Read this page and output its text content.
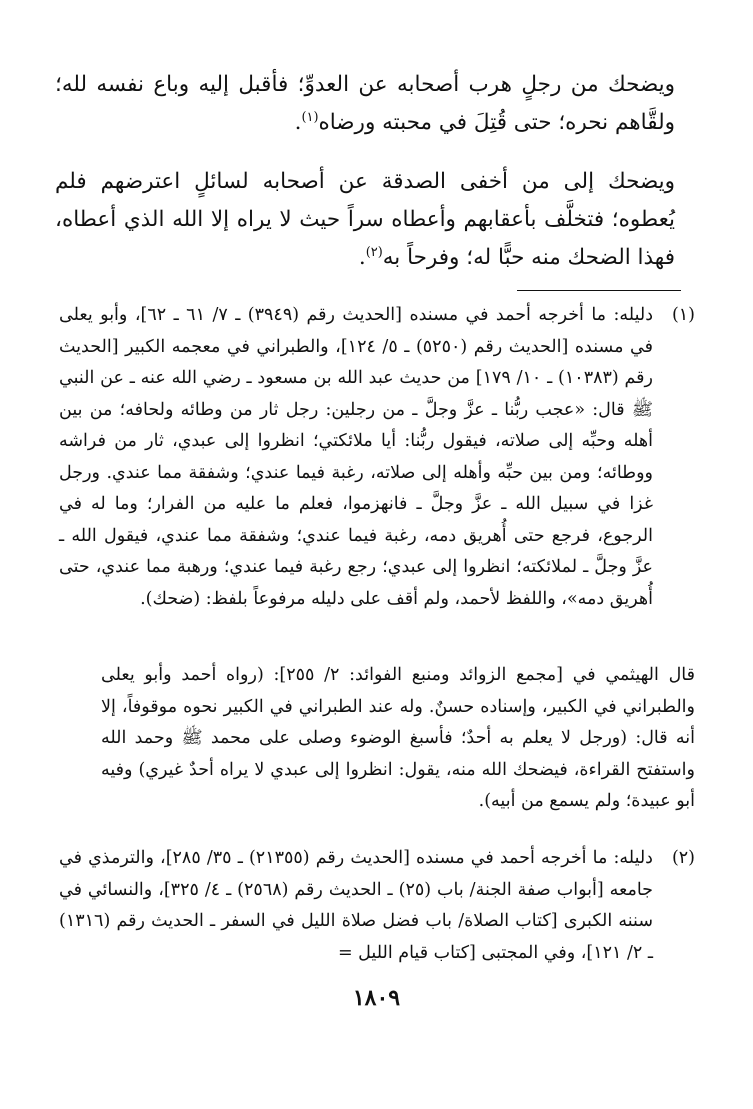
ويضحك من رجلٍ هرب أصحابه عن العدوِّ؛ فأقبل إليه وباع نفسه لله؛ ولقَّاهم نحره؛ حتى قُتِلَ في محبته ورضاه$^{(١)}$.

ويضحك إلى من أخفى الصدقة عن أصحابه لسائلٍ اعترضهم فلم يُعطوه؛ فتخلَّف بأعقابهم وأعطاه سراً حيث لا يراه إلا الله الذي أعطاه، فهذا الضحك منه حبًّا له؛ وفرحاً به$^{(٢)}$.

(١)
دليله: ما أخرجه أحمد في مسنده [الحديث رقم (٣٩٤٩) ـ ٧/ ٦١ ـ ٦٢]، وأبو يعلى في مسنده [الحديث رقم (٥٢٥٠) ـ ٥/ ١٢٤]، والطبراني في معجمه الكبير [الحديث رقم (١٠٣٨٣) ـ ١٠/ ١٧٩] من حديث عبد الله بن مسعود ـ رضي الله عنه ـ عن النبي ﷺ قال: «عجب ربُّنا ـ عزَّ وجلَّ ـ من رجلين: رجل ثار من وطائه ولحافه؛ من بين أهله وحبِّه إلى صلاته، فيقول ربُّنا: أيا ملائكتي؛ انظروا إلى عبدي، ثار من فراشه ووطائه؛ ومن بين حبِّه وأهله إلى صلاته، رغبة فيما عندي؛ وشفقة مما عندي. ورجل غزا في سبيل الله ـ عزَّ وجلَّ ـ فانهزموا، فعلم ما عليه من الفرار؛ وما له في الرجوع، فرجع حتى أُهريق دمه، رغبة فيما عندي؛ وشفقة مما عندي، فيقول الله ـ عزَّ وجلَّ ـ لملائكته؛ انظروا إلى عبدي؛ رجع رغبة فيما عندي؛ ورهبة مما عندي، حتى أُهريق دمه»، واللفظ لأحمد، ولم أقف على دليله مرفوعاً بلفظ: (ضحك).
قال الهيثمي في [مجمع الزوائد ومنبع الفوائد: ٢/ ٢٥٥]: (رواه أحمد وأبو يعلى والطبراني في الكبير، وإسناده حسنٌ. وله عند الطبراني في الكبير نحوه موقوفاً، إلا أنه قال: (ورجل لا يعلم به أحدٌ؛ فأسبغ الوضوء وصلى على محمد ﷺ وحمد الله واستفتح القراءة، فيضحك الله منه، يقول: انظروا إلى عبدي لا يراه أحدٌ غيري) وفيه أبو عبيدة؛ ولم يسمع من أبيه).
(٢)
دليله: ما أخرجه أحمد في مسنده [الحديث رقم (٢١٣٥٥) ـ ٣٥/ ٢٨٥]، والترمذي في جامعه [أبواب صفة الجنة/ باب (٢٥) ـ الحديث رقم (٢٥٦٨) ـ ٤/ ٣٢٥]، والنسائي في سننه الكبرى [كتاب الصلاة/ باب فضل صلاة الليل في السفر ـ الحديث رقم (١٣١٦) ـ ٢/ ١٢١]، وفي المجتبى [كتاب قيام الليل =
١٨٠٩
